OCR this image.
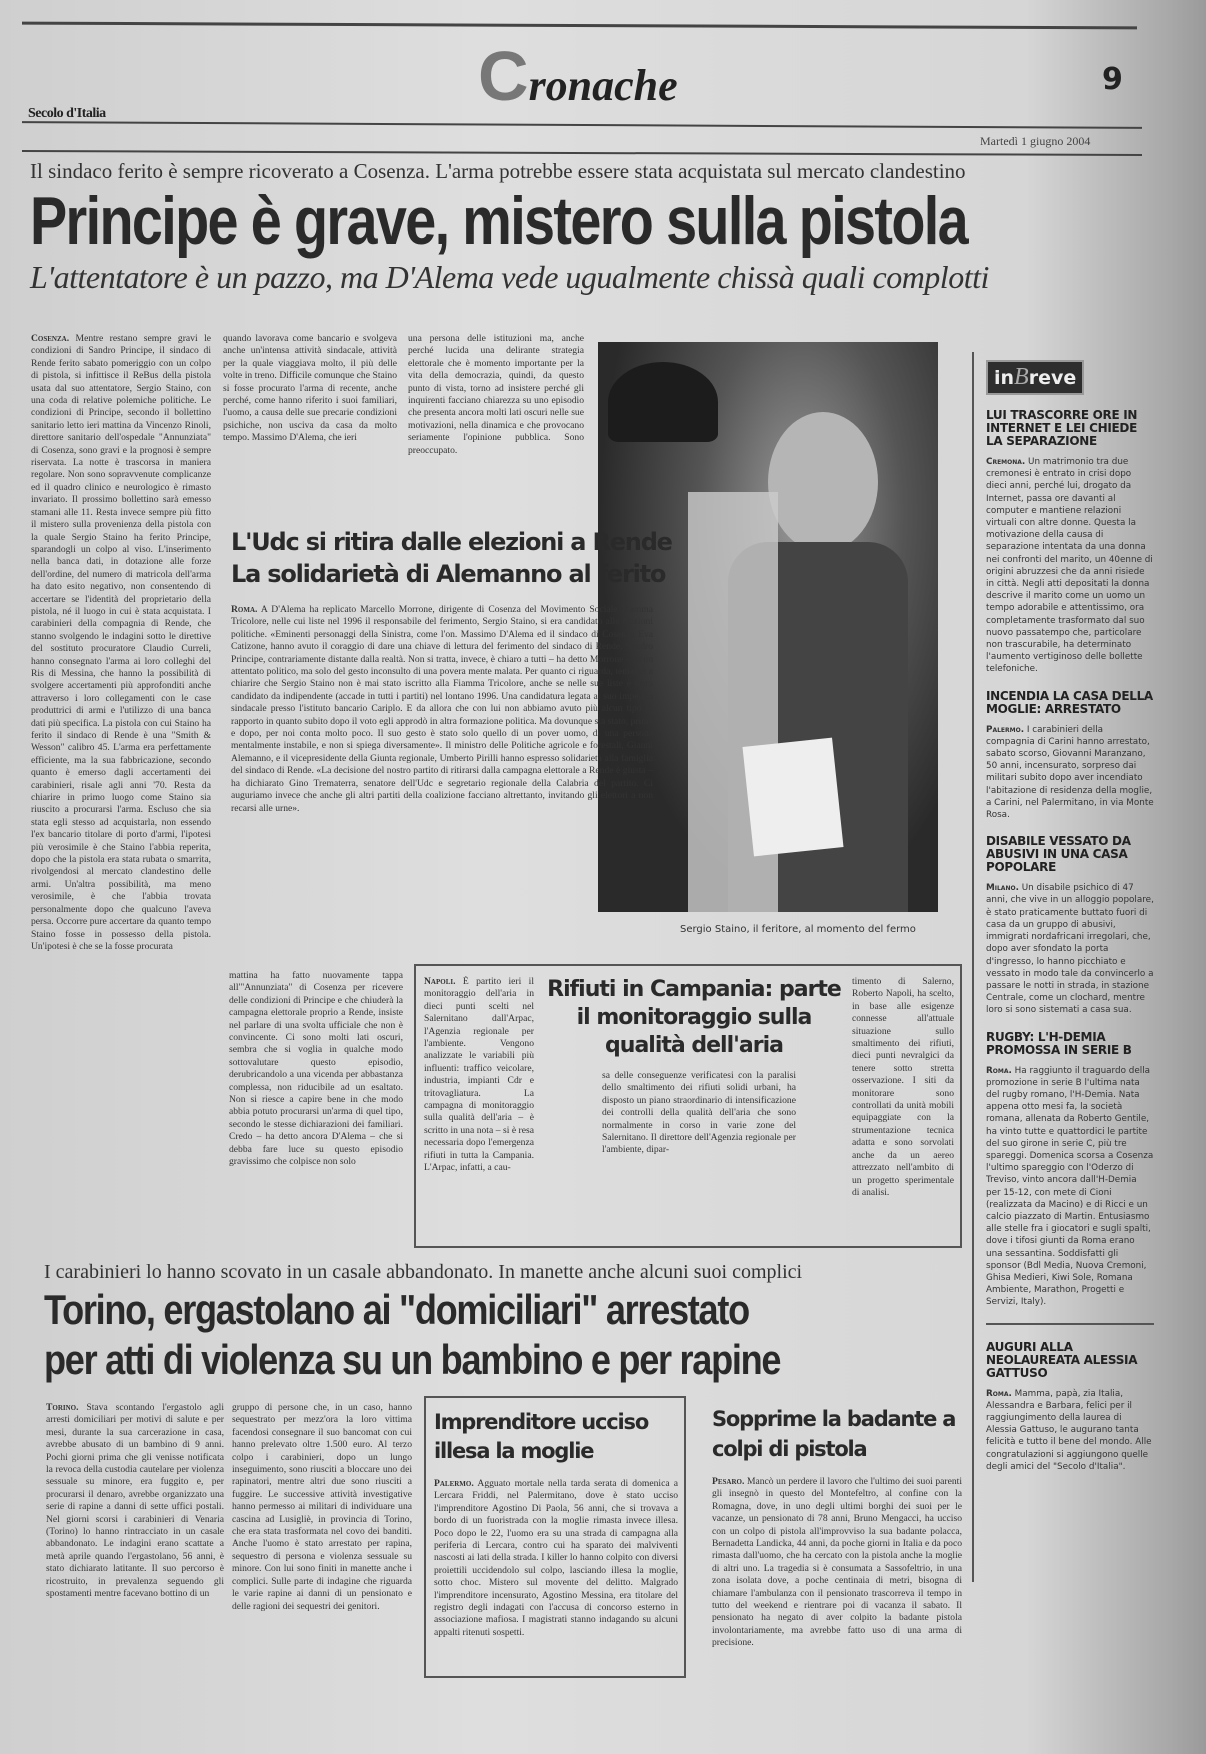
Cronache	9
Secolo d'Italia
Martedì 1 giugno 2004
Il sindaco ferito è sempre ricoverato a Cosenza. L'arma potrebbe essere stata acquistata sul mercato clandestino
Principe è grave, mistero sulla pistola
L'attentatore è un pazzo, ma D'Alema vede ugualmente chissà quali complotti
Cosenza. Mentre restano sempre gravi le condizioni di Sandro Principe, il sindaco di Rende ferito sabato pomeriggio con un colpo di pistola, si infittisce il ReBus della pistola usata dal suo attentatore, Sergio Staino, con una coda di relative polemiche politiche. Le condizioni di Principe, secondo il bollettino sanitario letto ieri mattina da Vincenzo Rinoli, direttore sanitario dell'ospedale "Annunziata" di Cosenza, sono gravi e la prognosi è sempre riservata. La notte è trascorsa in maniera regolare. Non sono sopravvenute complicanze ed il quadro clinico e neurologico è rimasto invariato. Il prossimo bollettino sarà emesso stamani alle 11. Resta invece sempre più fitto il mistero sulla provenienza della pistola con la quale Sergio Staino ha ferito Principe, sparandogli un colpo al viso. L'inserimento nella banca dati, in dotazione alle forze dell'ordine, del numero di matricola dell'arma ha dato esito negativo, non consentendo di accertare se l'identità del proprietario della pistola, né il luogo in cui è stata acquistata. I carabinieri della compagnia di Rende, che stanno svolgendo le indagini sotto le direttive del sostituto procuratore Claudio Curreli, hanno consegnato l'arma ai loro colleghi del Ris di Messina, che hanno la possibilità di svolgere accertamenti più approfonditi anche attraverso i loro collegamenti con le case produttrici di armi e l'utilizzo di una banca dati più specifica. La pistola con cui Staino ha ferito il sindaco di Rende è una "Smith & Wesson" calibro 45. L'arma era perfettamente efficiente, ma la sua fabbricazione, secondo quanto è emerso dagli accertamenti dei carabinieri, risale agli anni '70. Resta da chiarire in primo luogo come Staino sia riuscito a procurarsi l'arma. Escluso che sia stata egli stesso ad acquistarla, non essendo l'ex bancario titolare di porto d'armi, l'ipotesi più verosimile è che Staino l'abbia reperita, dopo che la pistola era stata rubata o smarrita, rivolgendosi al mercato clandestino delle armi. Un'altra possibilità, ma meno verosimile, è che l'abbia trovata personalmente dopo che qualcuno l'aveva persa. Occorre pure accertare da quanto tempo Staino fosse in possesso della pistola. Un'ipotesi è che se la fosse procurata
quando lavorava come bancario e svolgeva anche un'intensa attività sindacale, attività per la quale viaggiava molto, il più delle volte in treno. Difficile comunque che Staino si fosse procurato l'arma di recente, anche perché, come hanno riferito i suoi familiari, l'uomo, a causa delle sue precarie condizioni psichiche, non usciva da casa da molto tempo. Massimo D'Alema, che ieri
una persona delle istituzioni ma, anche perché lucida una delirante strategia elettorale che è momento importante per la vita della democrazia, quindi, da questo punto di vista, torno ad insistere perché gli inquirenti facciano chiarezza su uno episodio che presenta ancora molti lati oscuri nelle sue motivazioni, nella dinamica e che provocano seriamente l'opinione pubblica. Sono preoccupato.
Sergio Staino, il feritore, al momento del fermo
L'Udc si ritira dalle elezioni a Rende
La solidarietà di Alemanno al ferito
Roma. A D'Alema ha replicato Marcello Morrone, dirigente di Cosenza del Movimento Sociale Fiamma Tricolore, nelle cui liste nel 1996 il responsabile del ferimento, Sergio Staino, si era candidato alle elezioni politiche. «Eminenti personaggi della Sinistra, come l'on. Massimo D'Alema ed il sindaco di Cosenza Eva Catizone, hanno avuto il coraggio di dare una chiave di lettura del ferimento del sindaco di Rende, Sandro Principe, contrariamente distante dalla realtà. Non si tratta, invece, è chiaro a tutti – ha detto Morrone – di un attentato politico, ma solo del gesto inconsulto di una povera mente malata. Per quanto ci riguarda, teniamo a chiarire che Sergio Staino non è mai stato iscritto alla Fiamma Tricolore, anche se nelle sue liste è stato candidato da indipendente (accade in tutti i partiti) nel lontano 1996. Una candidatura legata al suo impegno sindacale presso l'istituto bancario Cariplo. E da allora che con lui non abbiamo avuto più alcun tipo di rapporto in quanto subito dopo il voto egli approdò in altra formazione politica. Ma dovunque sia stato, prima e dopo, per noi conta molto poco. Il suo gesto è stato solo quello di un pover uomo, di una persona mentalmente instabile, e non si spiega diversamente». Il ministro delle Politiche agricole e forestali, Gianni Alemanno, e il vicepresidente della Giunta regionale, Umberto Pirilli hanno espresso solidarietà alla famiglia del sindaco di Rende. «La decisione del nostro partito di ritirarsi dalla campagna elettorale a Rende è giusta – ha dichiarato Gino Trematerra, senatore dell'Udc e segretario regionale della Calabria del partito. Ci auguriamo invece che anche gli altri partiti della coalizione facciano altrettanto, invitando gli elettori a non recarsi alle urne».
mattina ha fatto nuovamente tappa all'"Annunziata" di Cosenza per ricevere delle condizioni di Principe e che chiuderà la campagna elettorale proprio a Rende, insiste nel parlare di una svolta ufficiale che non è convincente. Ci sono molti lati oscuri, sembra che si voglia in qualche modo sottovalutare questo episodio, derubricandolo a una vicenda per abbastanza complessa, non riducibile ad un esaltato. Non si riesce a capire bene in che modo abbia potuto procurarsi un'arma di quel tipo, secondo le stesse dichiarazioni dei familiari. Credo – ha detto ancora D'Alema – che si debba fare luce su questo episodio gravissimo che colpisce non solo
Napoli. È partito ieri il monitoraggio dell'aria in dieci punti scelti nel Salernitano dall'Arpac, l'Agenzia regionale per l'ambiente. Vengono analizzate le variabili più influenti: traffico veicolare, industria, impianti Cdr e tritovagliatura. La campagna di monitoraggio sulla qualità dell'aria – è scritto in una nota – si è resa necessaria dopo l'emergenza rifiuti in tutta la Campania. L'Arpac, infatti, a cau-
Rifiuti in Campania: parte il monitoraggio sulla qualità dell'aria
sa delle conseguenze verificatesi con la paralisi dello smaltimento dei rifiuti solidi urbani, ha disposto un piano straordinario di intensificazione dei controlli della qualità dell'aria che sono normalmente in corso in varie zone del Salernitano. Il direttore dell'Agenzia regionale per l'ambiente, dipar-
timento di Salerno, Roberto Napoli, ha scelto, in base alle esigenze connesse all'attuale situazione sullo smaltimento dei rifiuti, dieci punti nevralgici da tenere sotto stretta osservazione. I siti da monitorare sono controllati da unità mobili equipaggiate con la strumentazione tecnica adatta e sono sorvolati anche da un aereo attrezzato nell'ambito di un progetto sperimentale di analisi.
I carabinieri lo hanno scovato in un casale abbandonato. In manette anche alcuni suoi complici
Torino, ergastolano ai "domiciliari" arrestato
per atti di violenza su un bambino e per rapine
Torino. Stava scontando l'ergastolo agli arresti domiciliari per motivi di salute e per mesi, durante la sua carcerazione in casa, avrebbe abusato di un bambino di 9 anni. Pochi giorni prima che gli venisse notificata la revoca della custodia cautelare per violenza sessuale su minore, era fuggito e, per procurarsi il denaro, avrebbe organizzato una serie di rapine a danni di sette uffici postali. Nel giorni scorsi i carabinieri di Venaria (Torino) lo hanno rintracciato in un casale abbandonato. Le indagini erano scattate a metà aprile quando l'ergastolano, 56 anni, è stato dichiarato latitante. Il suo percorso è ricostruito, in prevalenza seguendo gli spostamenti mentre facevano bottino di un
gruppo di persone che, in un caso, hanno sequestrato per mezz'ora la loro vittima facendosi consegnare il suo bancomat con cui hanno prelevato oltre 1.500 euro. Al terzo colpo i carabinieri, dopo un lungo inseguimento, sono riusciti a bloccare uno dei rapinatori, mentre altri due sono riusciti a fuggire. Le successive attività investigative hanno permesso ai militari di individuare una cascina ad Lusigliè, in provincia di Torino, che era stata trasformata nel covo dei banditi. Anche l'uomo è stato arrestato per rapina, sequestro di persona e violenza sessuale su minore. Con lui sono finiti in manette anche i complici. Sulle parte di indagine che riguarda le varie rapine ai danni di un pensionato e delle ragioni dei sequestri dei genitori.
Imprenditore ucciso illesa la moglie
Palermo. Agguato mortale nella tarda serata di domenica a Lercara Friddi, nel Palermitano, dove è stato ucciso l'imprenditore Agostino Di Paola, 56 anni, che si trovava a bordo di un fuoristrada con la moglie rimasta invece illesa. Poco dopo le 22, l'uomo era su una strada di campagna alla periferia di Lercara, contro cui ha sparato dei malviventi nascosti ai lati della strada. I killer lo hanno colpito con diversi proiettili uccidendolo sul colpo, lasciando illesa la moglie, sotto choc. Mistero sul movente del delitto. Malgrado l'imprenditore incensurato, Agostino Messina, era titolare del registro degli indagati con l'accusa di concorso esterno in associazione mafiosa. I magistrati stanno indagando su alcuni appalti ritenuti sospetti.
Sopprime la badante a colpi di pistola
Pesaro. Mancò un perdere il lavoro che l'ultimo dei suoi parenti gli insegnò in questo del Montefeltro, al confine con la Romagna, dove, in uno degli ultimi borghi dei suoi per le vacanze, un pensionato di 78 anni, Bruno Mengacci, ha ucciso con un colpo di pistola all'improvviso la sua badante polacca, Bernadetta Landicka, 44 anni, da poche giorni in Italia e da poco rimasta dall'uomo, che ha cercato con la pistola anche la moglie di altri uno. La tragedia si è consumata a Sassofeltrio, in una zona isolata dove, a poche centinaia di metri, bisogna di chiamare l'ambulanza con il pensionato trascorreva il tempo in tutto del weekend e rientrare poi di vacanza il sabato. Il pensionato ha negato di aver colpito la badante pistola involontariamente, ma avrebbe fatto uso di una arma di precisione.
inBreve
LUI TRASCORRE ORE IN INTERNET E LEI CHIEDE LA SEPARAZIONE

Cremona. Un matrimonio tra due cremonesi è entrato in crisi dopo dieci anni, perché lui, drogato da Internet, passa ore davanti al computer e mantiene relazioni virtuali con altre donne. Questa la motivazione della causa di separazione intentata da una donna nei confronti del marito, un 40enne di origini abruzzesi che da anni risiede in città. Negli atti depositati la donna descrive il marito come un uomo un tempo adorabile e attentissimo, ora completamente trasformato dal suo nuovo passatempo che, particolare non trascurabile, ha determinato l'aumento vertiginoso delle bollette telefoniche.

INCENDIA LA CASA DELLA MOGLIE: ARRESTATO

Palermo. I carabinieri della compagnia di Carini hanno arrestato, sabato scorso, Giovanni Maranzano, 50 anni, incensurato, sorpreso dai militari subito dopo aver incendiato l'abitazione di residenza della moglie, a Carini, nel Palermitano, in via Monte Rosa.

DISABILE VESSATO DA ABUSIVI IN UNA CASA POPOLARE

Milano. Un disabile psichico di 47 anni, che vive in un alloggio popolare, è stato praticamente buttato fuori di casa da un gruppo di abusivi, immigrati nordafricani irregolari, che, dopo aver sfondato la porta d'ingresso, lo hanno picchiato e vessato in modo tale da convincerlo a passare le notti in strada, in stazione Centrale, come un clochard, mentre loro si sono sistemati a casa sua.

RUGBY: L'H-DEMIA PROMOSSA IN SERIE B

Roma. Ha raggiunto il traguardo della promozione in serie B l'ultima nata del rugby romano, l'H-Demia. Nata appena otto mesi fa, la società romana, allenata da Roberto Gentile, ha vinto tutte e quattordici le partite del suo girone in serie C, più tre spareggi. Domenica scorsa a Cosenza l'ultimo spareggio con l'Oderzo di Treviso, vinto ancora dall'H-Demia per 15-12, con mete di Cioni (realizzata da Macino) e di Ricci e un calcio piazzato di Martin. Entusiasmo alle stelle fra i giocatori e sugli spalti, dove i tifosi giunti da Roma erano una sessantina. Soddisfatti gli sponsor (Bdl Media, Nuova Cremoni, Ghisa Medieri, Kiwi Sole, Romana Ambiente, Marathon, Progetti e Servizi, Italy).

AUGURI ALLA NEOLAUREATA ALESSIA GATTUSO

Roma. Mamma, papà, zia Italia, Alessandra e Barbara, felici per il raggiungimento della laurea di Alessia Gattuso, le augurano tanta felicità e tutto il bene del mondo. Alle congratulazioni si aggiungono quelle degli amici del "Secolo d'Italia".
